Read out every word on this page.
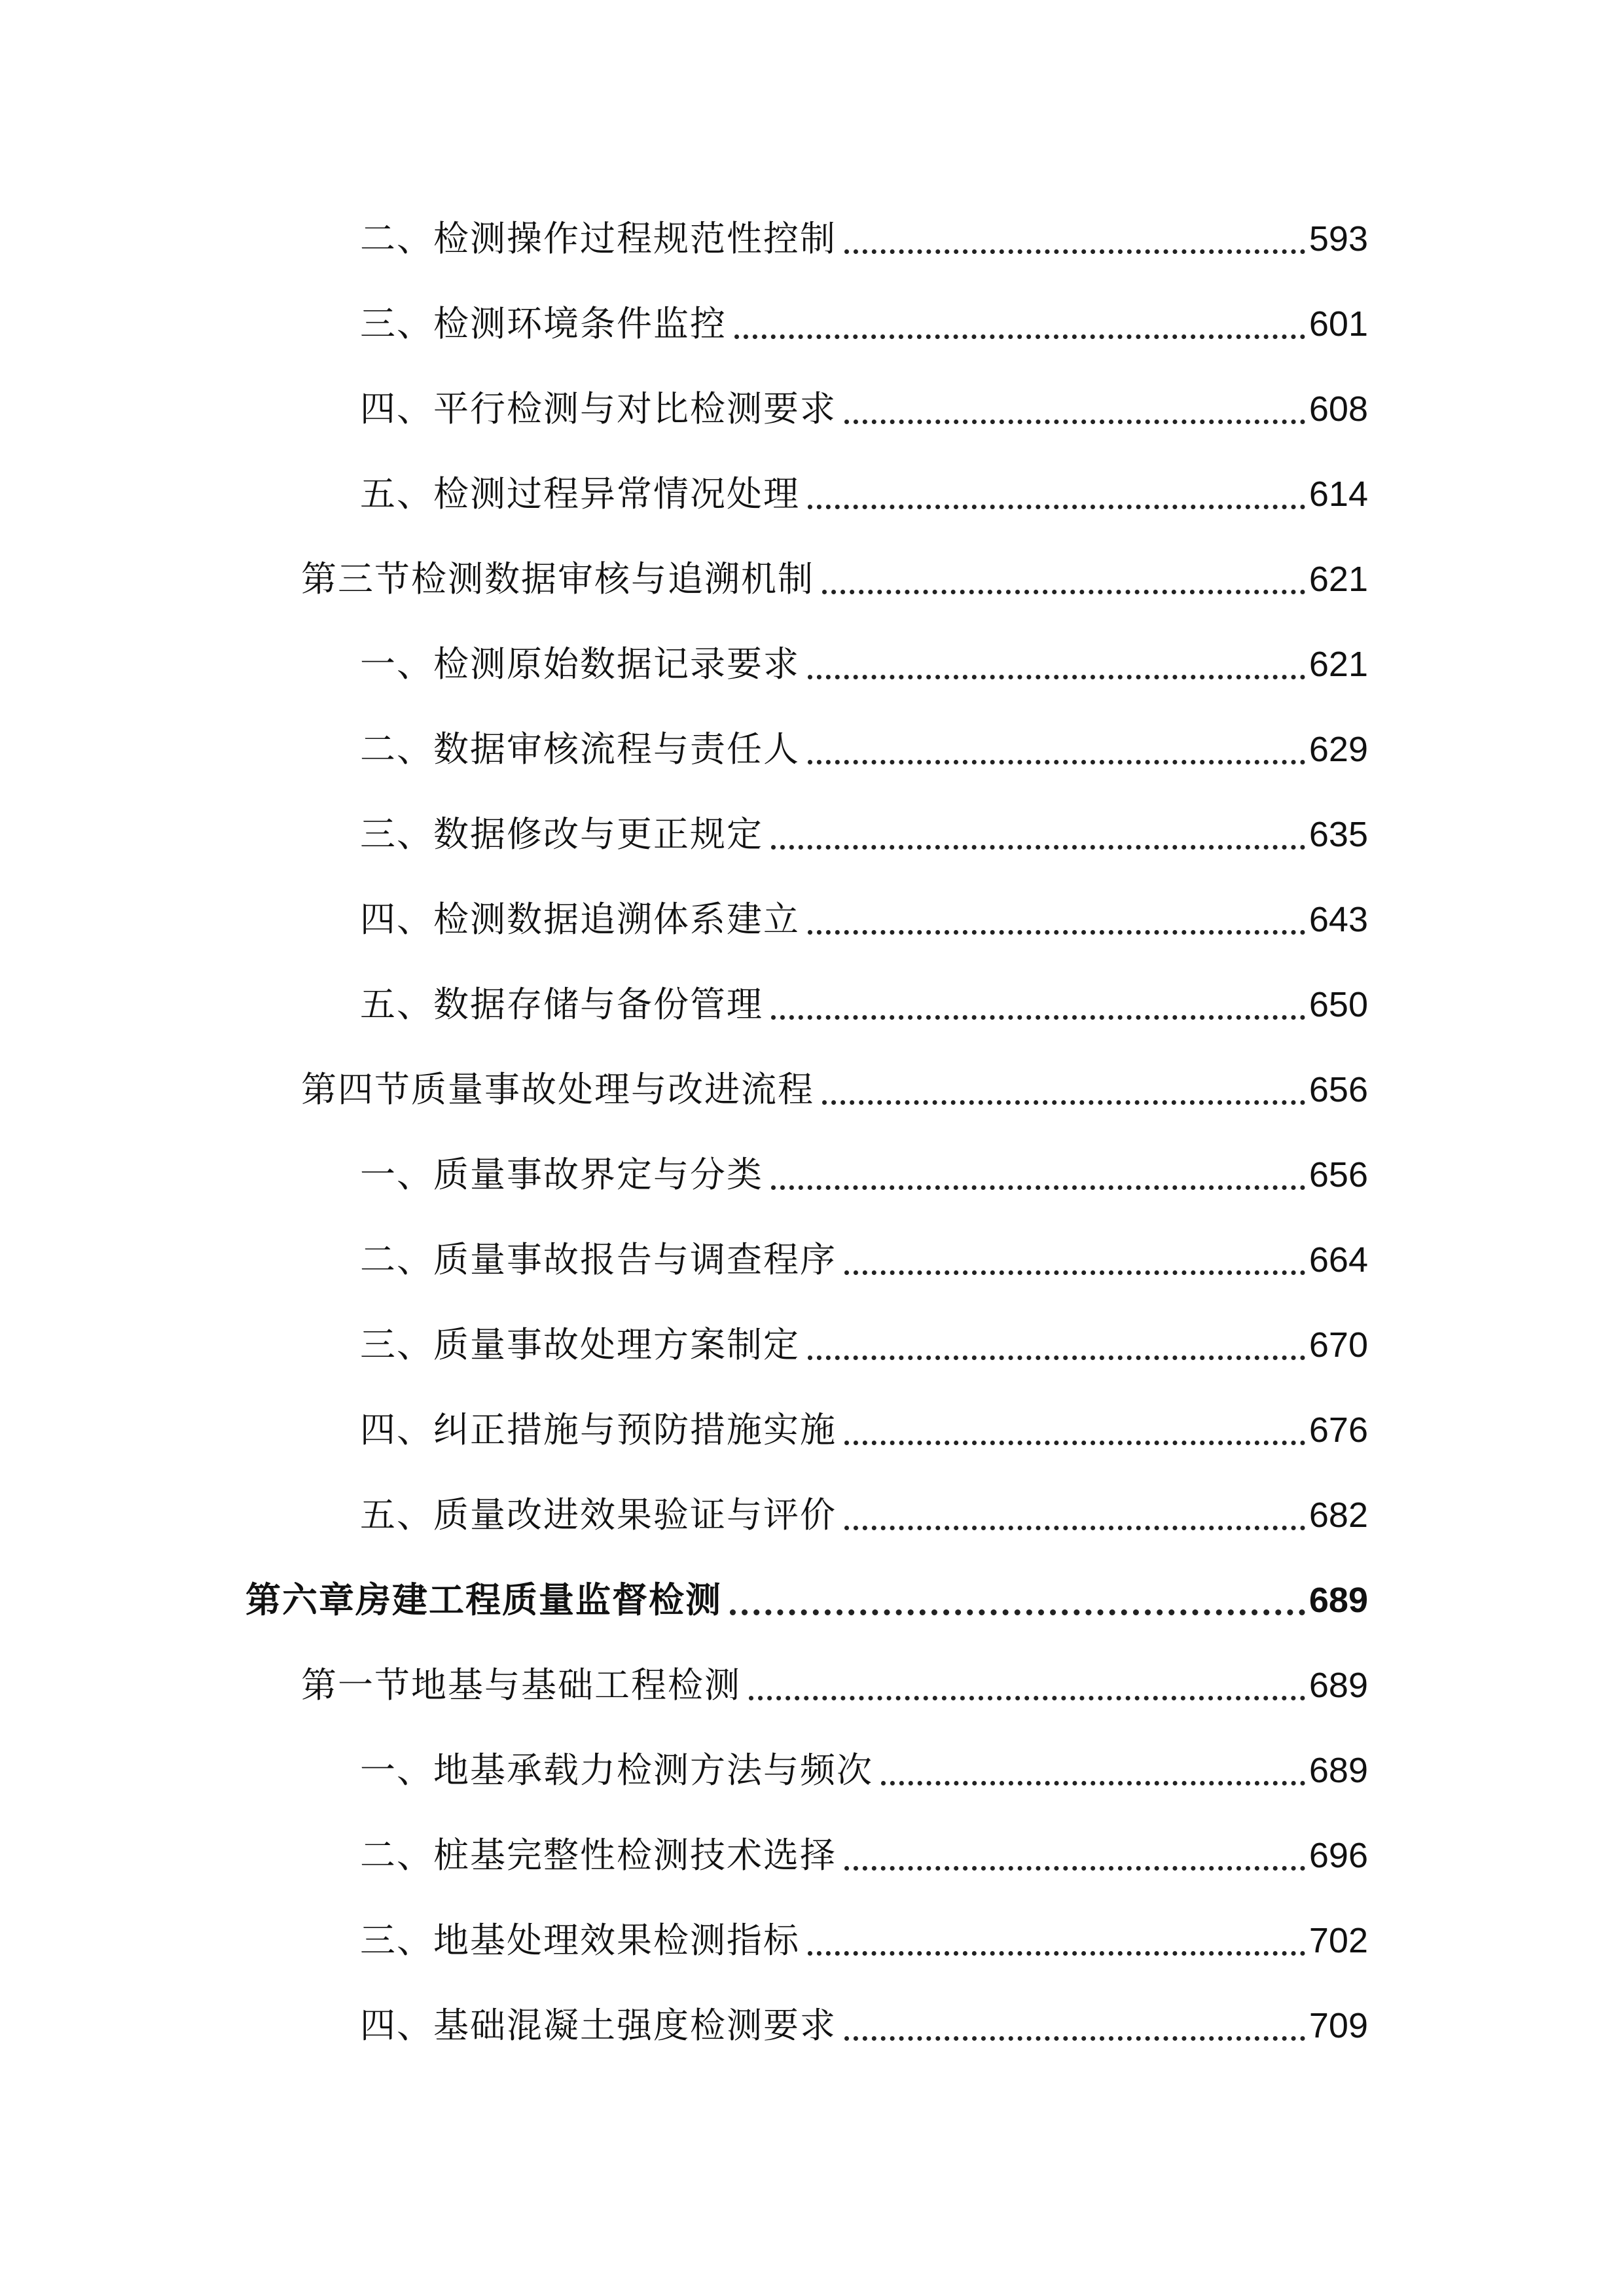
二、检测操作过程规范性控制	593
三、检测环境条件监控	601
四、平行检测与对比检测要求	608
五、检测过程异常情况处理	614
第三节检测数据审核与追溯机制	621
一、检测原始数据记录要求	621
二、数据审核流程与责任人	629
三、数据修改与更正规定	635
四、检测数据追溯体系建立	643
五、数据存储与备份管理	650
第四节质量事故处理与改进流程	656
一、质量事故界定与分类	656
二、质量事故报告与调查程序	664
三、质量事故处理方案制定	670
四、纠正措施与预防措施实施	676
五、质量改进效果验证与评价	682
第六章房建工程质量监督检测	689
第一节地基与基础工程检测	689
一、地基承载力检测方法与频次	689
二、桩基完整性检测技术选择	696
三、地基处理效果检测指标	702
四、基础混凝土强度检测要求	709
